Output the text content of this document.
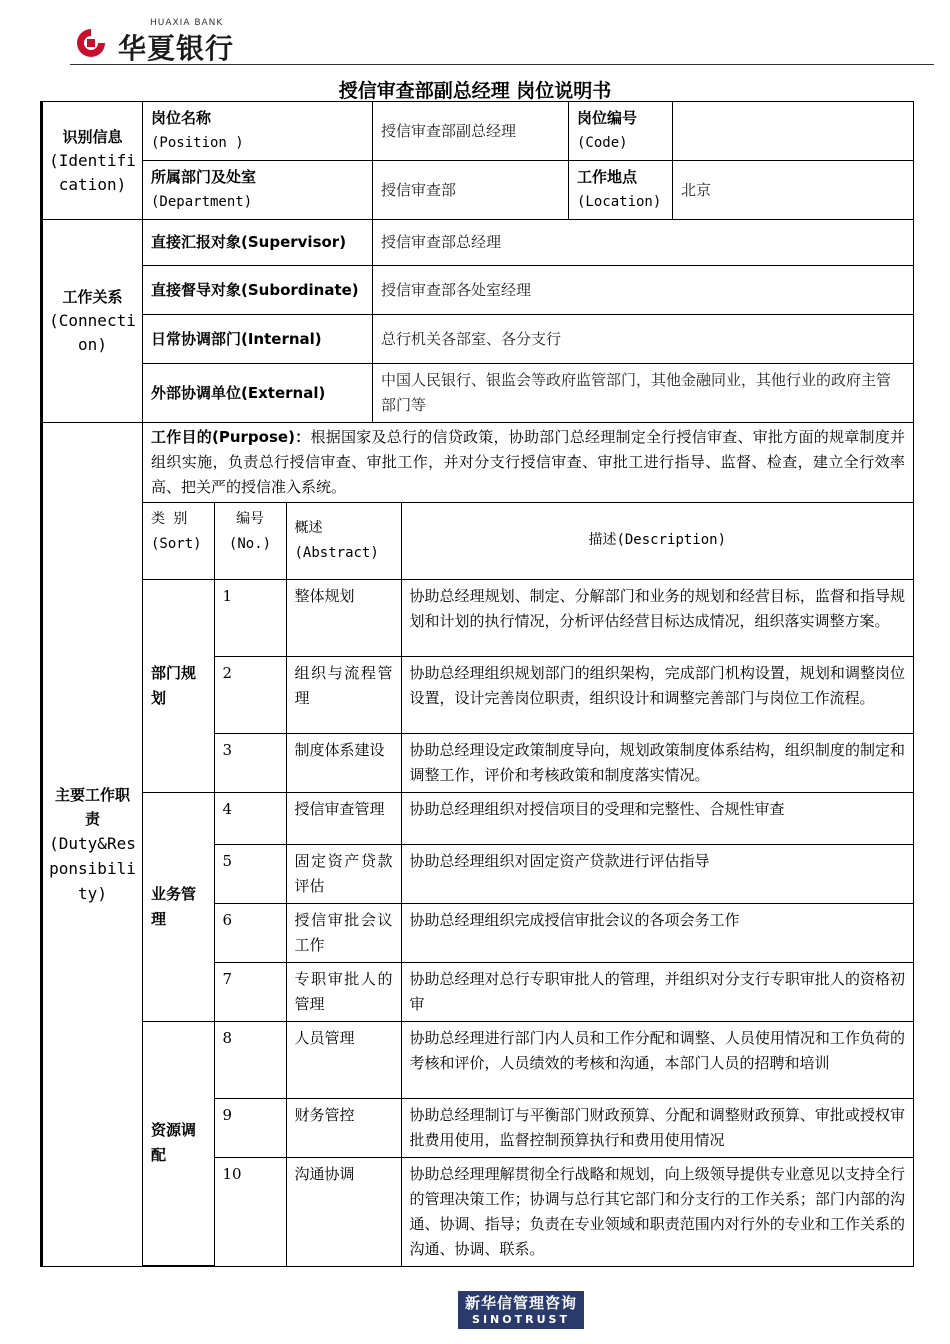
HUAXIA BANK
华夏银行
授信审查部副总经理 岗位说明书
识别信息
(Identification)

岗位名称
(Position )
	授信审查部副总经理	
岗位编号
(Code)

所属部门及处室
(Department)
	授信审查部	
工作地点
(Location)
	北京

工作关系
(Connection)
	直接汇报对象(Supervisor)	授信审查部总经理
直接督导对象(Subordinate)	授信审查部各处室经理
日常协调部门(Internal)	总行机关各部室、各分支行
外部协调单位(External)	中国人民银行、银监会等政府监管部门，其他金融同业，其他行业的政府主管部门等

主要工作职责
(Duty&Responsibility)
	工作目的(Purpose)：根据国家及总行的信贷政策，协助部门总经理制定全行授信审查、审批方面的规章制度并组织实施，负责总行授信审查、审批工作，并对分支行授信审查、审批工进行指导、监督、检查，建立全行效率高、把关严的授信准入系统。

类 别(Sort)	编号(No.)	概述(Abstract)	描述(Description)
部门规划	1	整体规划	协助总经理规划、制定、分解部门和业务的规划和经营目标，监督和指导规划和计划的执行情况，分析评估经营目标达成情况，组织落实调整方案。
2	组织与流程管理	协助总经理组织规划部门的组织架构，完成部门机构设置，规划和调整岗位设置，设计完善岗位职责，组织设计和调整完善部门与岗位工作流程。
3	制度体系建设	协助总经理设定政策制度导向，规划政策制度体系结构，组织制度的制定和调整工作，评价和考核政策和制度落实情况。
业务管理	4	授信审查管理	协助总经理组织对授信项目的受理和完整性、合规性审查
5	固定资产贷款评估	协助总经理组织对固定资产贷款进行评估指导
6	授信审批会议工作	协助总经理组织完成授信审批会议的各项会务工作
7	专职审批人的管理	协助总经理对总行专职审批人的管理，并组织对分支行专职审批人的资格初审
资源调配	8	人员管理	协助总经理进行部门内人员和工作分配和调整、人员使用情况和工作负荷的考核和评价，人员绩效的考核和沟通，本部门人员的招聘和培训
9	财务管控	协助总经理制订与平衡部门财政预算、分配和调整财政预算、审批或授权审批费用使用，监督控制预算执行和费用使用情况
10	沟通协调	协助总经理理解贯彻全行战略和规划，向上级领导提供专业意见以支持全行的管理决策工作；协调与总行其它部门和分支行的工作关系；部门内部的沟通、协调、指导；负责在专业领域和职责范围内对行外的专业和工作关系的沟通、协调、联系。
新华信管理咨询
SINOTRUST
